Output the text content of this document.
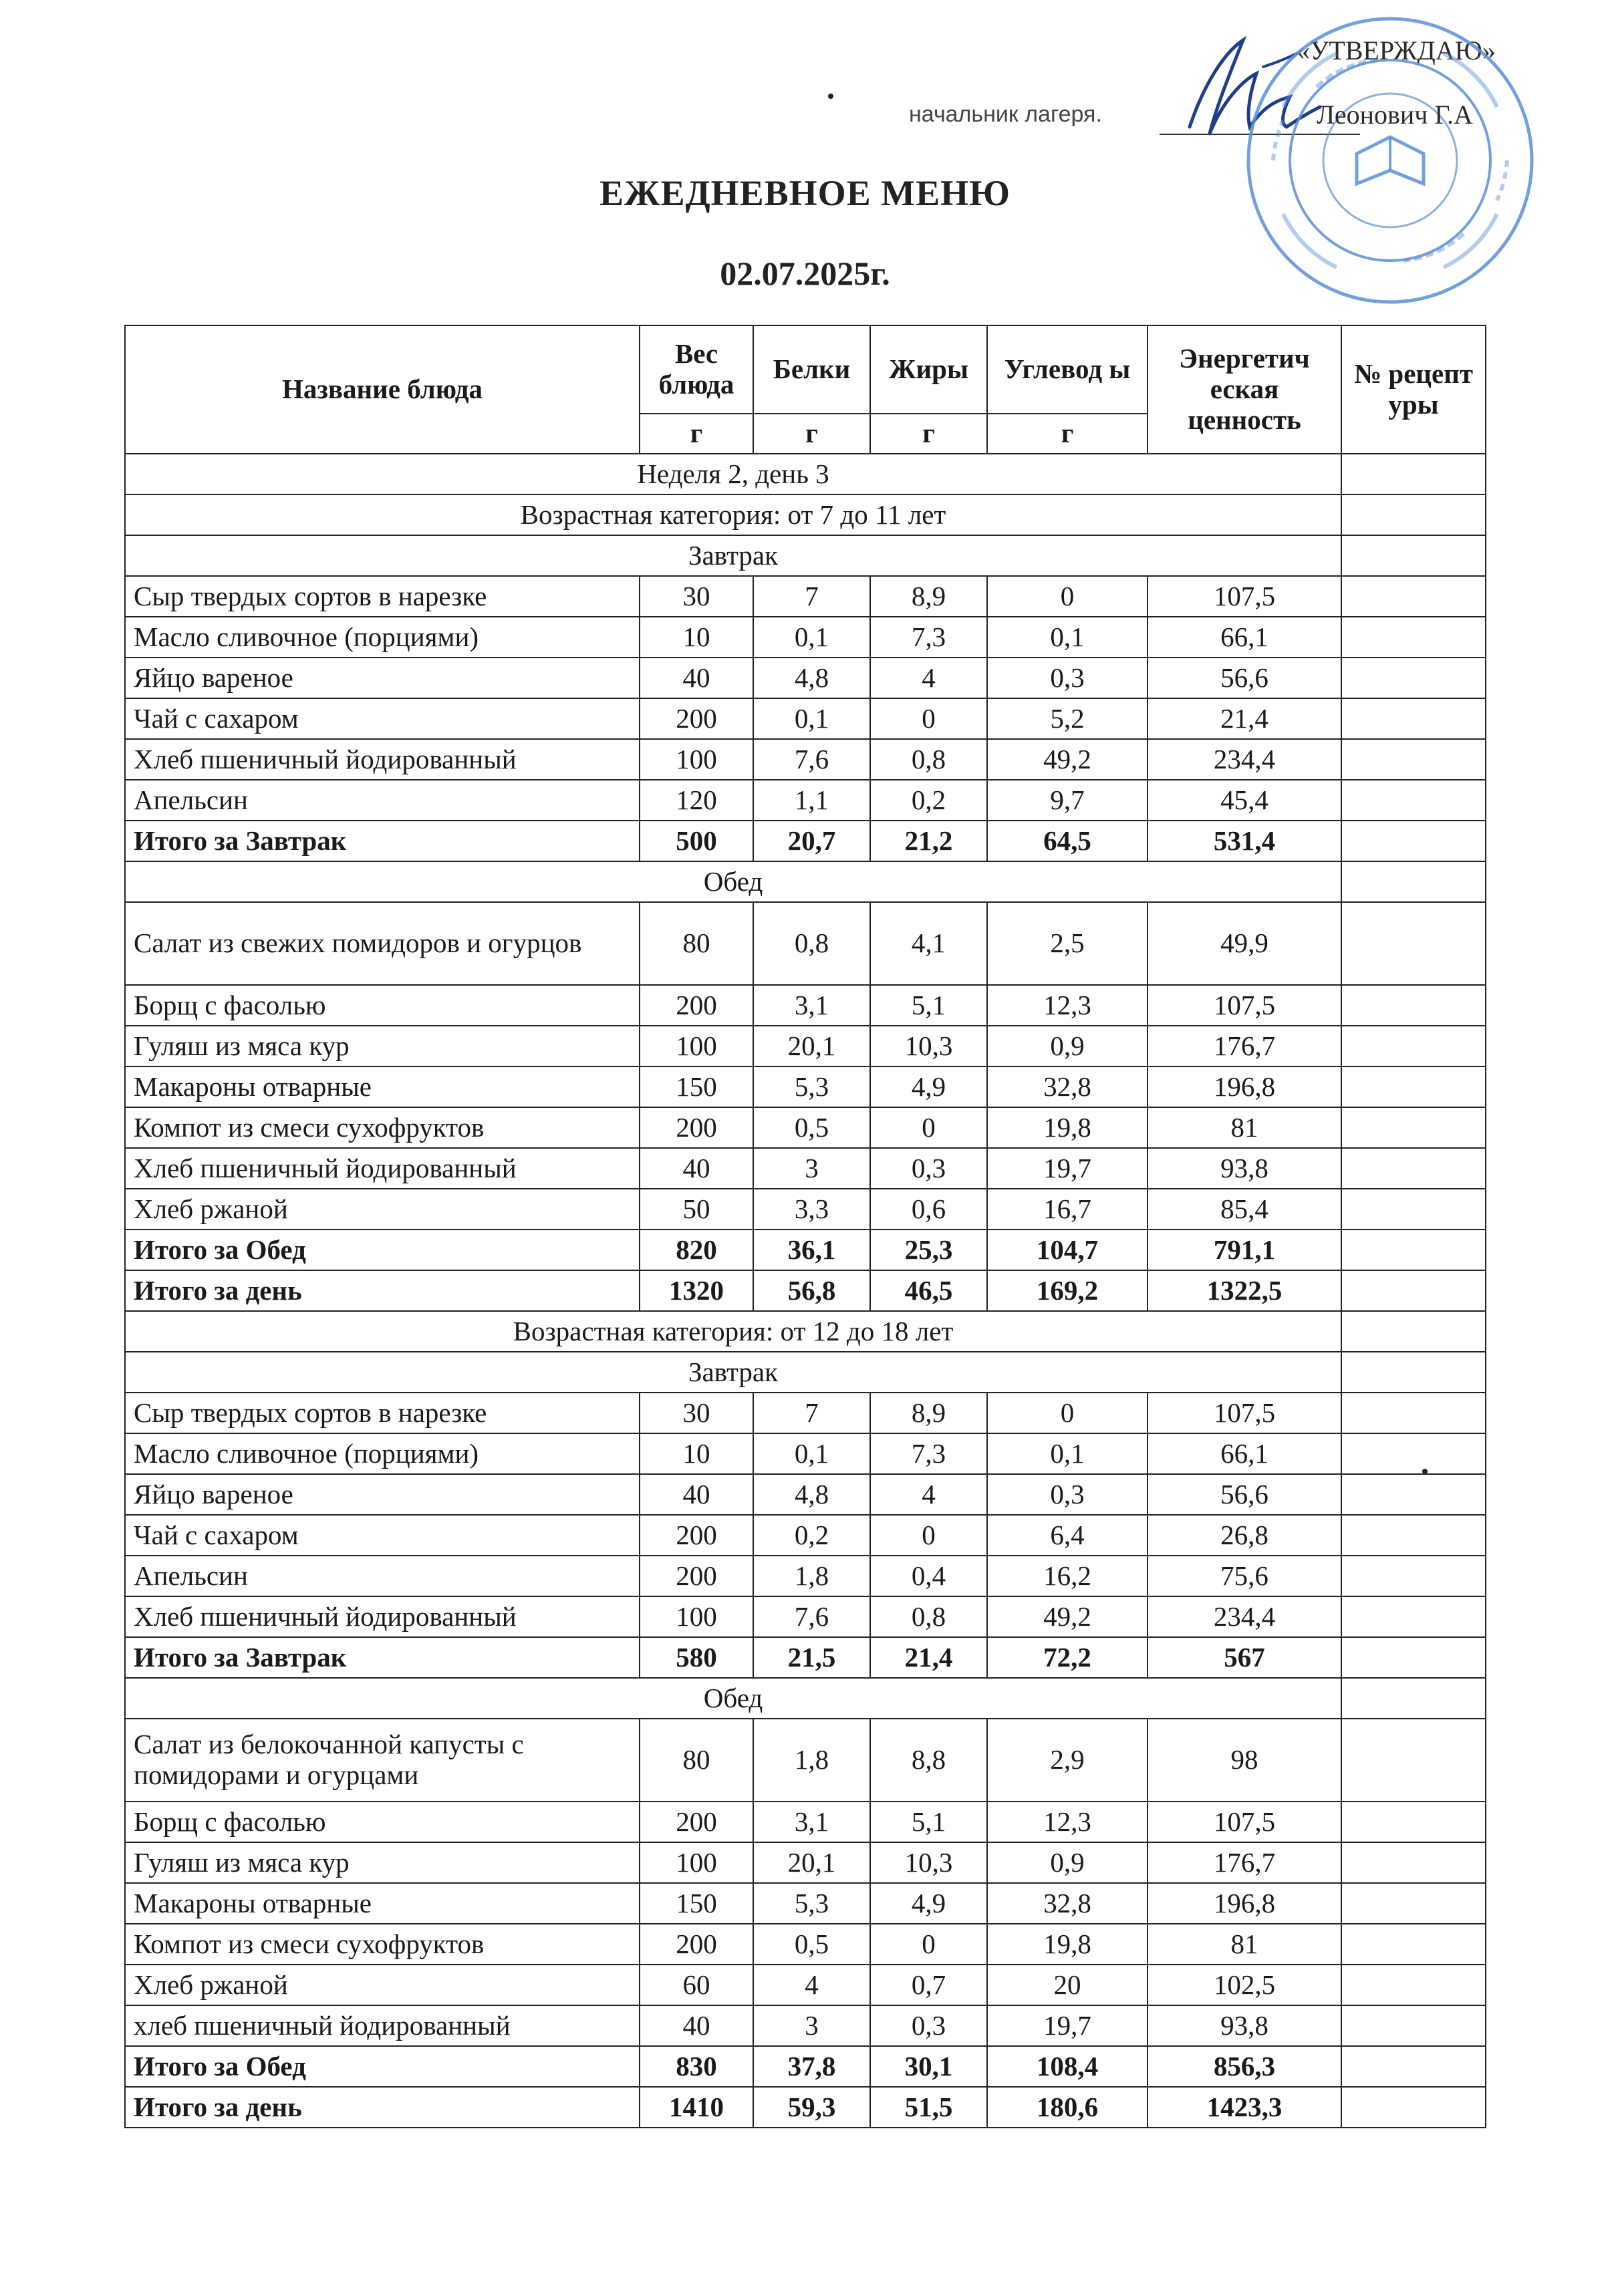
«УТВЕРЖДАЮ»
начальник лагеря.	Леонович Г.А
ЕЖЕДНЕВНОЕ МЕНЮ
02.07.2025г.
Название блюда	Вес блюда	Белки	Жиры	Углевод ы	Энергетич еская ценность	№ рецепт уры
	г	г	г	г		
Неделя 2, день 3						
Возрастная категория: от 7 до 11 лет						
Завтрак						
Сыр твердых сортов в нарезке	30	7	8,9	0	107,5	
Масло сливочное (порциями)	10	0,1	7,3	0,1	66,1	
Яйцо вареное	40	4,8	4	0,3	56,6	
Чай с сахаром	200	0,1	0	5,2	21,4	
Хлеб пшеничный йодированный	100	7,6	0,8	49,2	234,4	
Апельсин	120	1,1	0,2	9,7	45,4	
Итого за Завтрак	500	20,7	21,2	64,5	531,4	
Обед						
Салат из свежих помидоров и огурцов	80	0,8	4,1	2,5	49,9	
Борщ с фасолью	200	3,1	5,1	12,3	107,5	
Гуляш из мяса кур	100	20,1	10,3	0,9	176,7	
Макароны отварные	150	5,3	4,9	32,8	196,8	
Компот из смеси сухофруктов	200	0,5	0	19,8	81	
Хлеб пшеничный йодированный	40	3	0,3	19,7	93,8	
Хлеб ржаной	50	3,3	0,6	16,7	85,4	
Итого за Обед	820	36,1	25,3	104,7	791,1	
Итого за день	1320	56,8	46,5	169,2	1322,5	
Возрастная категория: от 12 до 18 лет						
Завтрак						
Сыр твердых сортов в нарезке	30	7	8,9	0	107,5	
Масло сливочное (порциями)	10	0,1	7,3	0,1	66,1	
Яйцо вареное	40	4,8	4	0,3	56,6	
Чай с сахаром	200	0,2	0	6,4	26,8	
Апельсин	200	1,8	0,4	16,2	75,6	
Хлеб пшеничный йодированный	100	7,6	0,8	49,2	234,4	
Итого за Завтрак	580	21,5	21,4	72,2	567	
Обед						
Салат из белокочанной капусты с помидорами и огурцами	80	1,8	8,8	2,9	98	
Борщ с фасолью	200	3,1	5,1	12,3	107,5	
Гуляш из мяса кур	100	20,1	10,3	0,9	176,7	
Макароны отварные	150	5,3	4,9	32,8	196,8	
Компот из смеси сухофруктов	200	0,5	0	19,8	81	
Хлеб ржаной	60	4	0,7	20	102,5	
хлеб пшеничный йодированный	40	3	0,3	19,7	93,8	
Итого за Обед	830	37,8	30,1	108,4	856,3	
Итого за день	1410	59,3	51,5	180,6	1423,3	
